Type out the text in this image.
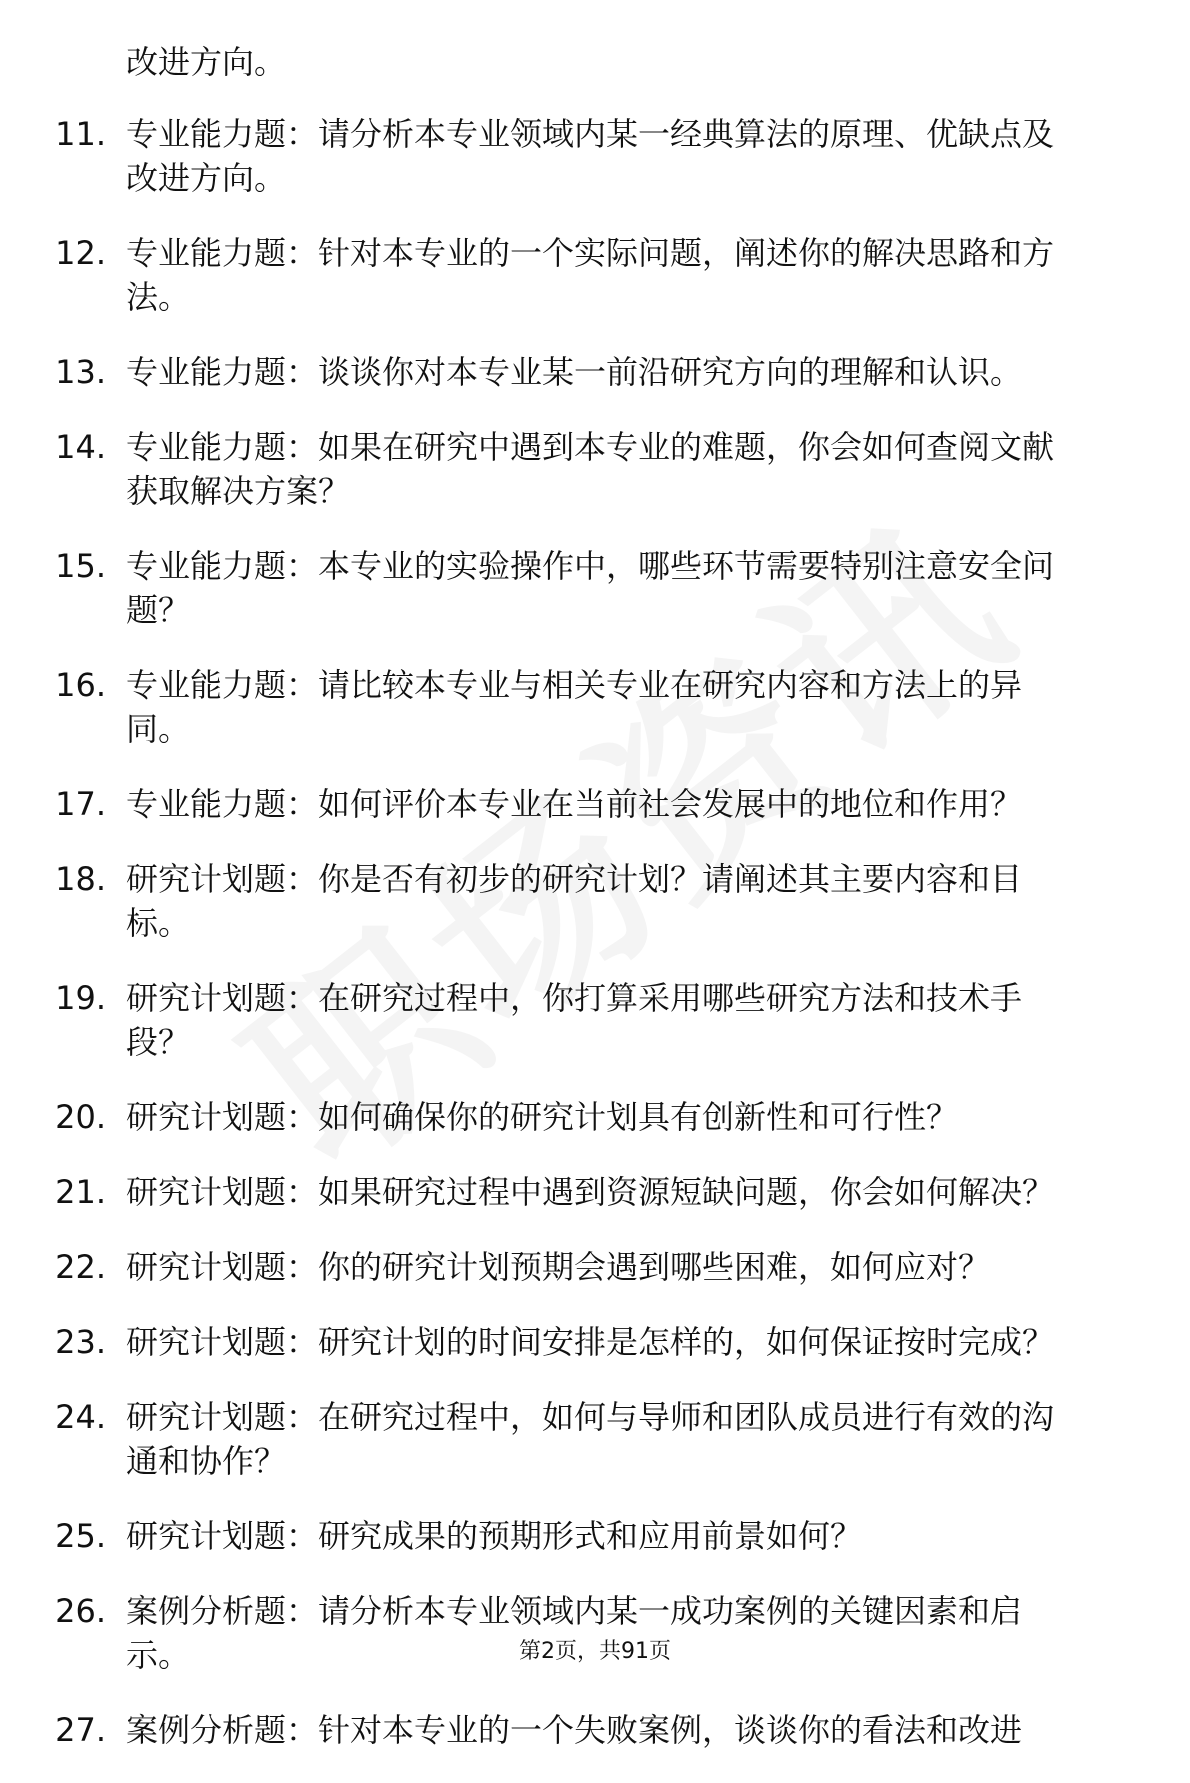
改进方向。
11. 专业能力题：请分析本专业领域内某一经典算法的原理、优缺点及改进方向。
12. 专业能力题：针对本专业的一个实际问题，阐述你的解决思路和方法。
13. 专业能力题：谈谈你对本专业某一前沿研究方向的理解和认识。
14. 专业能力题：如果在研究中遇到本专业的难题，你会如何查阅文献获取解决方案？
15. 专业能力题：本专业的实验操作中，哪些环节需要特别注意安全问题？
16. 专业能力题：请比较本专业与相关专业在研究内容和方法上的异同。
17. 专业能力题：如何评价本专业在当前社会发展中的地位和作用？
18. 研究计划题：你是否有初步的研究计划？请阐述其主要内容和目标。
19. 研究计划题：在研究过程中，你打算采用哪些研究方法和技术手段？
20. 研究计划题：如何确保你的研究计划具有创新性和可行性？
21. 研究计划题：如果研究过程中遇到资源短缺问题，你会如何解决？
22. 研究计划题：你的研究计划预期会遇到哪些困难，如何应对？
23. 研究计划题：研究计划的时间安排是怎样的，如何保证按时完成？
24. 研究计划题：在研究过程中，如何与导师和团队成员进行有效的沟通和协作？
25. 研究计划题：研究成果的预期形式和应用前景如何？
26. 案例分析题：请分析本专业领域内某一成功案例的关键因素和启示。
27. 案例分析题：针对本专业的一个失败案例，谈谈你的看法和改进
第2页，共91页
